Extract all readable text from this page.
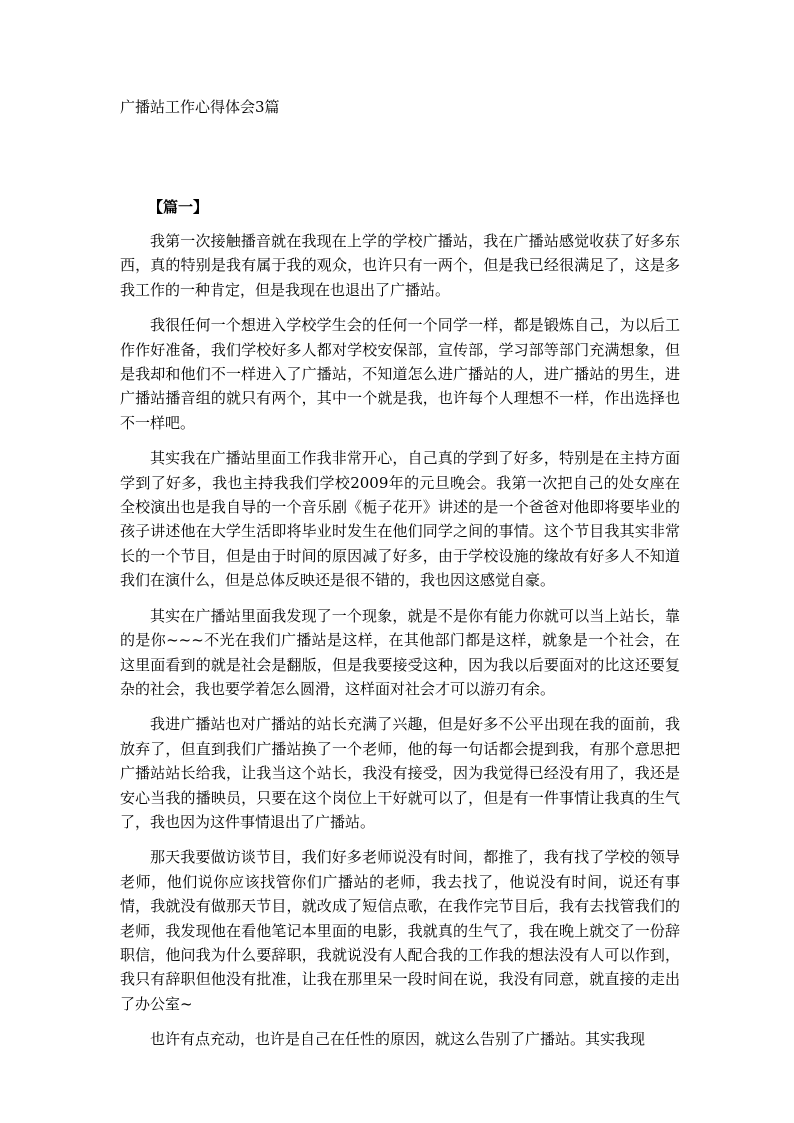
广播站工作心得体会3篇
【篇一】

我第一次接触播音就在我现在上学的学校广播站，我在广播站感觉收获了好多东西，真的特别是我有属于我的观众，也许只有一两个，但是我已经很满足了，这是多我工作的一种肯定，但是我现在也退出了广播站。

我很任何一个想进入学校学生会的任何一个同学一样，都是锻炼自己，为以后工作作好准备，我们学校好多人都对学校安保部，宣传部，学习部等部门充满想象，但是我却和他们不一样进入了广播站，不知道怎么进广播站的人，进广播站的男生，进广播站播音组的就只有两个，其中一个就是我，也许每个人理想不一样，作出选择也不一样吧。

其实我在广播站里面工作我非常开心，自己真的学到了好多，特别是在主持方面学到了好多，我也主持我我们学校2009年的元旦晚会。我第一次把自己的处女座在全校演出也是我自导的一个音乐剧《栀子花开》讲述的是一个爸爸对他即将要毕业的孩子讲述他在大学生活即将毕业时发生在他们同学之间的事情。这个节目我其实非常长的一个节目，但是由于时间的原因减了好多，由于学校设施的缘故有好多人不知道我们在演什么，但是总体反映还是很不错的，我也因这感觉自豪。

其实在广播站里面我发现了一个现象，就是不是你有能力你就可以当上站长，靠的是你~~~不光在我们广播站是这样，在其他部门都是这样，就象是一个社会，在这里面看到的就是社会是翻版，但是我要接受这种，因为我以后要面对的比这还要复杂的社会，我也要学着怎么圆滑，这样面对社会才可以游刃有余。

我进广播站也对广播站的站长充满了兴趣，但是好多不公平出现在我的面前，我放弃了，但直到我们广播站换了一个老师，他的每一句话都会提到我，有那个意思把广播站站长给我，让我当这个站长，我没有接受，因为我觉得已经没有用了，我还是安心当我的播映员，只要在这个岗位上干好就可以了，但是有一件事情让我真的生气了，我也因为这件事情退出了广播站。

那天我要做访谈节目，我们好多老师说没有时间，都推了，我有找了学校的领导老师，他们说你应该找管你们广播站的老师，我去找了，他说没有时间，说还有事情，我就没有做那天节目，就改成了短信点歌，在我作完节目后，我有去找管我们的老师，我发现他在看他笔记本里面的电影，我就真的生气了，我在晚上就交了一份辞职信，他问我为什么要辞职，我就说没有人配合我的工作我的想法没有人可以作到，我只有辞职但他没有批准，让我在那里呆一段时间在说，我没有同意，就直接的走出了办公室~

也许有点充动，也许是自己在任性的原因，就这么告别了广播站。其实我现
